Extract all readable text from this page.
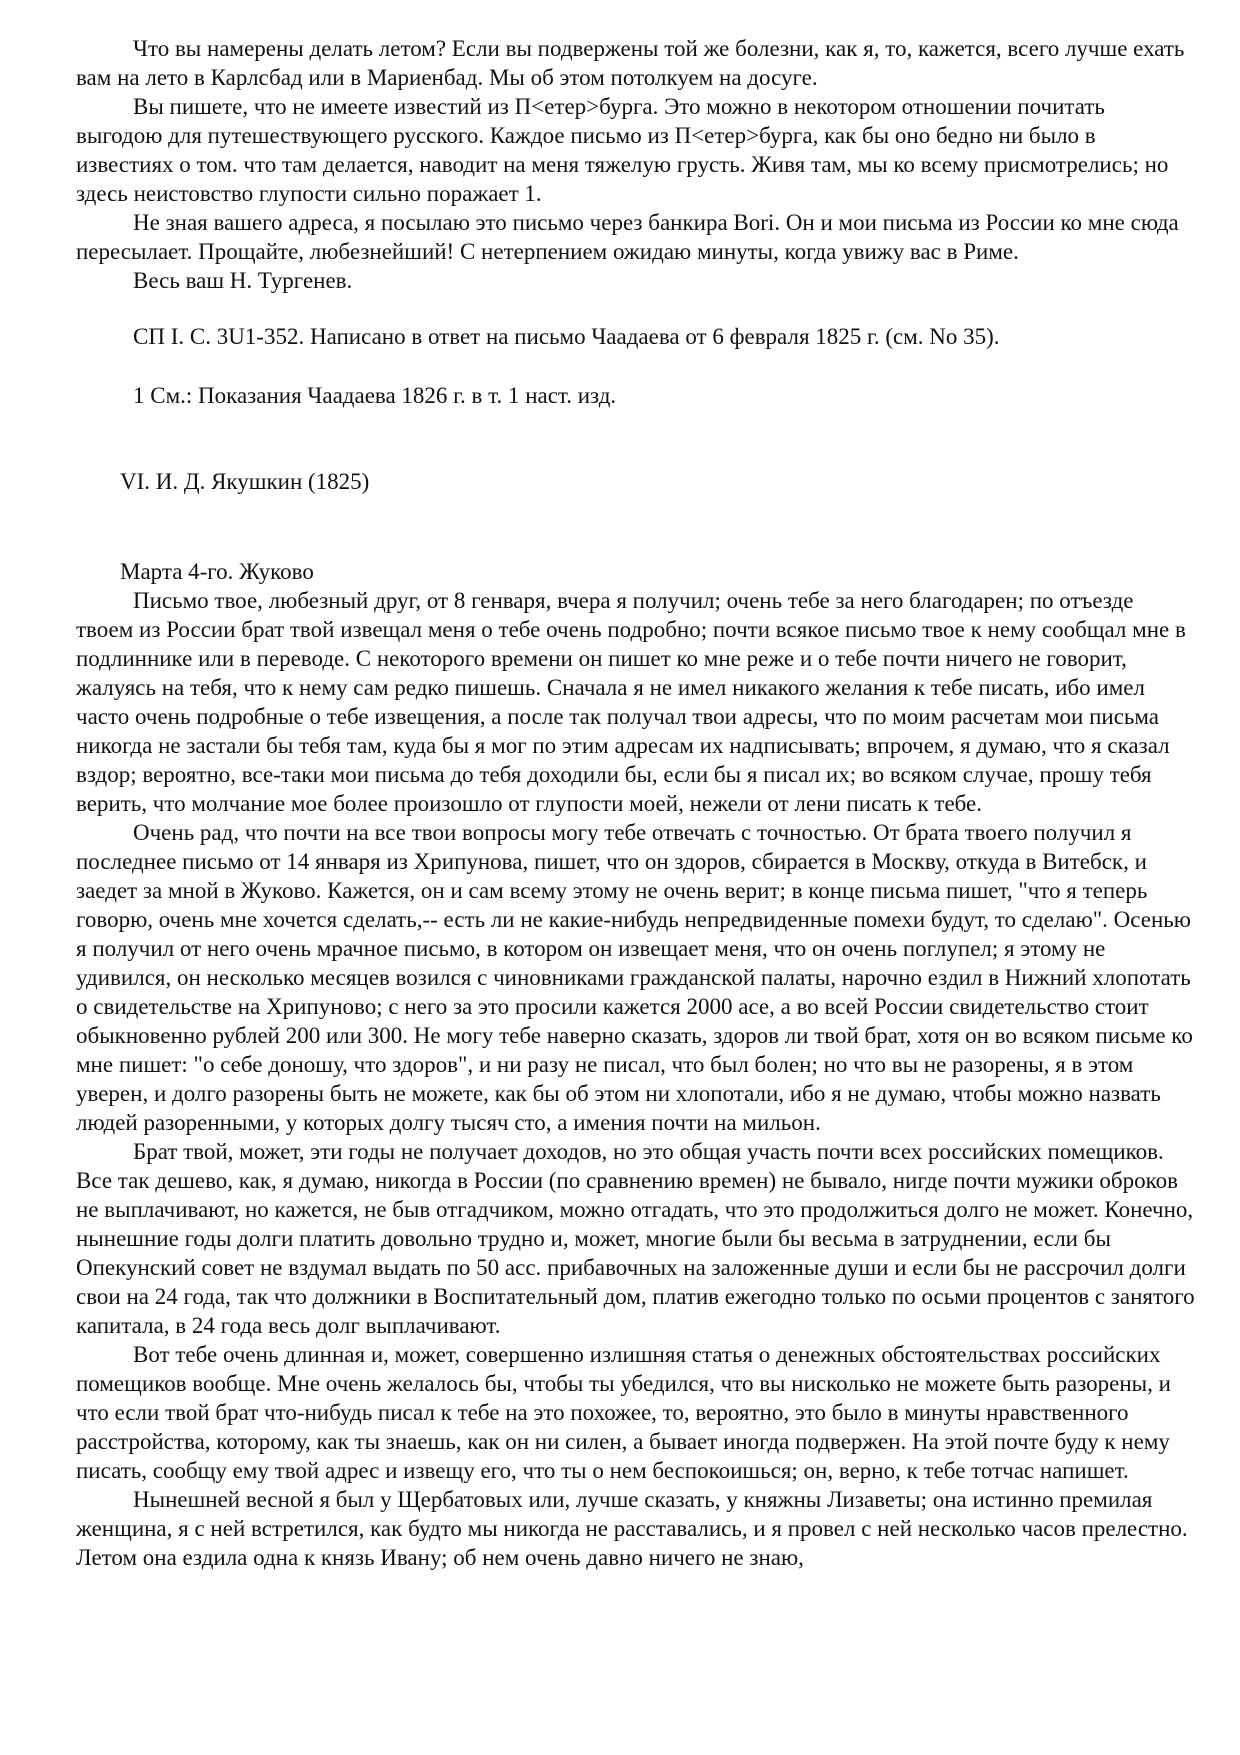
Что вы намерены делать летом? Если вы подвержены той же болезни, как я, то, кажется, всего лучше ехать вам на лето в Карлсбад или в Мариенбад. Мы об этом потолкуем на досуге.

Вы пишете, что не имеете известий из П<етер>бурга. Это можно в некотором отношении почитать выгодою для путешествующего русского. Каждое письмо из П<етер>бурга, как бы оно бедно ни было в известиях о том. что там делается, наводит на меня тяжелую грусть. Живя там, мы ко всему присмотрелись; но здесь неистовство глупости сильно поражает 1.

Не зная вашего адреса, я посылаю это письмо через банкира Bori. Он и мои письма из России ко мне сюда пересылает. Прощайте, любезнейший! С нетерпением ожидаю минуты, когда увижу вас в Риме.

Весь ваш Н. Тургенев.

СП I. С. 3U1-352. Написано в ответ на письмо Чаадаева от 6 февраля 1825 г. (см. No 35).

1 См.: Показания Чаадаева 1826 г. в т. 1 наст. изд.

VI. И. Д. Якушкин (1825)

Марта 4-го. Жуково

Письмо твое, любезный друг, от 8 генваря, вчера я получил; очень тебе за него благодарен; по отъезде твоем из России брат твой извещал меня о тебе очень подробно; почти всякое письмо твое к нему сообщал мне в подлиннике или в переводе. С некоторого времени он пишет ко мне реже и о тебе почти ничего не говорит, жалуясь на тебя, что к нему сам редко пишешь. Сначала я не имел никакого желания к тебе писать, ибо имел часто очень подробные о тебе извещения, а после так получал твои адресы, что по моим расчетам мои письма никогда не застали бы тебя там, куда бы я мог по этим адресам их надписывать; впрочем, я думаю, что я сказал вздор; вероятно, все-таки мои письма до тебя доходили бы, если бы я писал их; во всяком случае, прошу тебя верить, что молчание мое более произошло от глупости моей, нежели от лени писать к тебе.

Очень рад, что почти на все твои вопросы могу тебе отвечать с точностью. От брата твоего получил я последнее письмо от 14 января из Хрипунова, пишет, что он здоров, сбирается в Москву, откуда в Витебск, и заедет за мной в Жуково. Кажется, он и сам всему этому не очень верит; в конце письма пишет, "что я теперь говорю, очень мне хочется сделать,-- есть ли не какие-нибудь непредвиденные помехи будут, то сделаю". Осенью я получил от него очень мрачное письмо, в котором он извещает меня, что он очень поглупел; я этому не удивился, он несколько месяцев возился с чиновниками гражданской палаты, нарочно ездил в Нижний хлопотать о свидетельстве на Хрипуново; с него за это просили кажется 2000 асе, а во всей России свидетельство стоит обыкновенно рублей 200 или 300. Не могу тебе наверно сказать, здоров ли твой брат, хотя он во всяком письме ко мне пишет: "о себе доношу, что здоров", и ни разу не писал, что был болен; но что вы не разорены, я в этом уверен, и долго разорены быть не можете, как бы об этом ни хлопотали, ибо я не думаю, чтобы можно назвать людей разоренными, у которых долгу тысяч сто, а имения почти на мильон.

Брат твой, может, эти годы не получает доходов, но это общая участь почти всех российских помещиков. Все так дешево, как, я думаю, никогда в России (по сравнению времен) не бывало, нигде почти мужики оброков не выплачивают, но кажется, не быв отгадчиком, можно отгадать, что это продолжиться долго не может. Конечно, нынешние годы долги платить довольно трудно и, может, многие были бы весьма в затруднении, если бы Опекунский совет не вздумал выдать по 50 асс. прибавочных на заложенные души и если бы не рассрочил долги свои на 24 года, так что должники в Воспитательный дом, платив ежегодно только по осьми процентов с занятого капитала, в 24 года весь долг выплачивают.

Вот тебе очень длинная и, может, совершенно излишняя статья о денежных обстоятельствах российских помещиков вообще. Мне очень желалось бы, чтобы ты убедился, что вы нисколько не можете быть разорены, и что если твой брат что-нибудь писал к тебе на это похожее, то, вероятно, это было в минуты нравственного расстройства, которому, как ты знаешь, как он ни силен, а бывает иногда подвержен. На этой почте буду к нему писать, сообщу ему твой адрес и извещу его, что ты о нем беспокоишься; он, верно, к тебе тотчас напишет.

Нынешней весной я был у Щербатовых или, лучше сказать, у княжны Лизаветы; она истинно премилая женщина, я с ней встретился, как будто мы никогда не расставались, и я провел с ней несколько часов прелестно. Летом она ездила одна к князь Ивану; об нем очень давно ничего не знаю,
